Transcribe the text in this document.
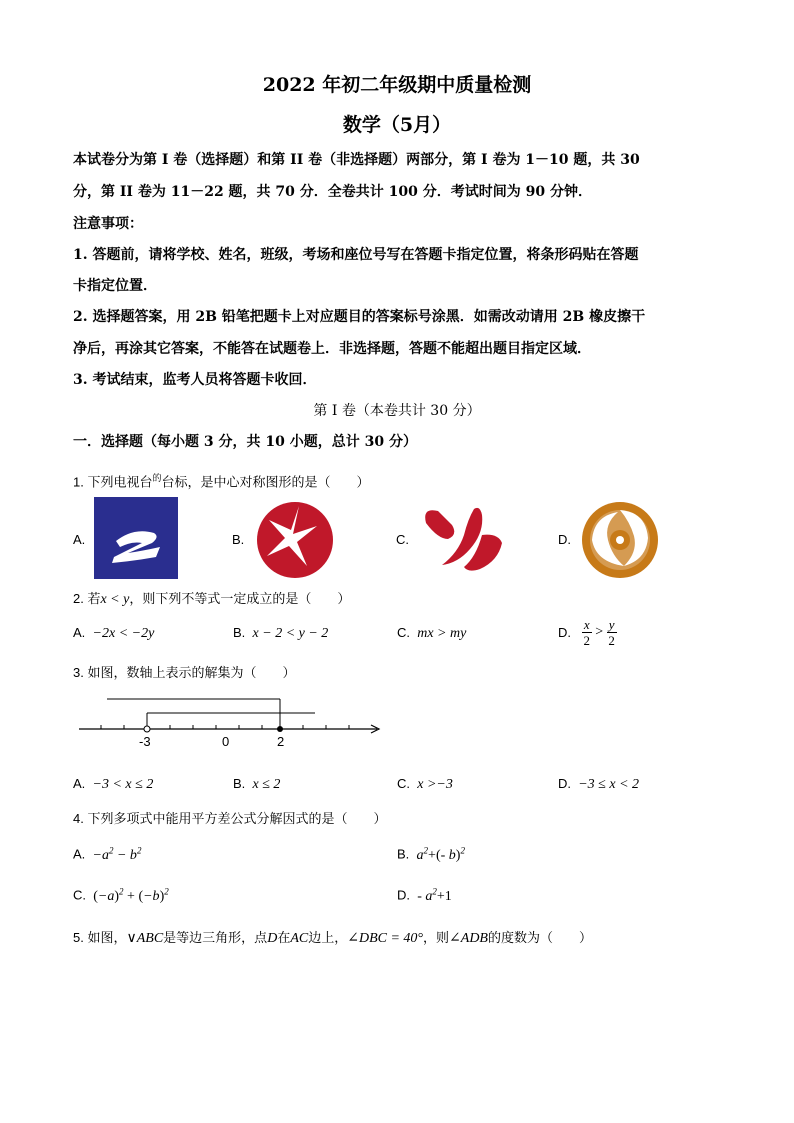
2022 年初二年级期中质量检测
数学（5月）
本试卷分为第 I 卷（选择题）和第 II 卷（非选择题）两部分，第 I 卷为 1－10 题，共 30
分，第 II 卷为 11－22 题，共 70 分．全卷共计 100 分．考试时间为 90 分钟．
注意事项：
1. 答题前，请将学校、姓名，班级，考场和座位号写在答题卡指定位置，将条形码贴在答题
卡指定位置．
2. 选择题答案，用 2B 铅笔把题卡上对应题目的答案标号涂黑．如需改动请用 2B 橡皮擦干
净后，再涂其它答案，不能答在试题卷上．非选择题，答题不能超出题目指定区域．
3. 考试结束，监考人员将答题卡收回．
第 I 卷（本卷共计 30 分）
一．选择题（每小题 3 分，共 10 小题，总计 30 分）
1. 下列电视台$^的$台标，是中心对称图形的是（　　）
A.	B.	C.	D.
2. 若x < y，则下列不等式一定成立的是（　　）
A. −2x < −2y	B. x − 2 < y − 2	C. mx > my	D. $\frac{x}{2} > \frac{y}{2}$
3. 如图，数轴上表示的解集为（　　）
-3	0	2
A. −3 < x ≤ 2	B. x ≤ 2	C. x >−3	D. −3 ≤ x < 2
4. 下列多项式中能用平方差公式分解因式的是（　　）
A. $-a^2 - b^2$	B. $a^2+(-$ b)$^2$
C. $(-a)^2 + (-b)^2$	D. - $a^2+1$
5. 如图，∨ABC是等边三角形，点D在AC边上，∠DBC = 40°，则∠ADB的度数为（　　）
